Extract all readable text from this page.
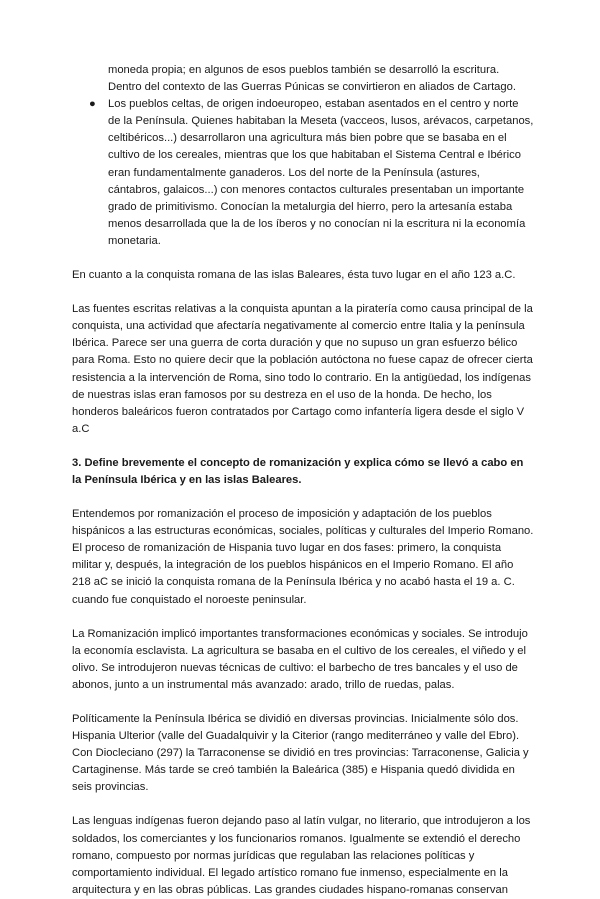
moneda propia; en algunos de esos pueblos también se desarrolló la escritura. Dentro del contexto de las Guerras Púnicas se convirtieron en aliados de Cartago.

● Los pueblos celtas, de origen indoeuropeo, estaban asentados en el centro y norte de la Península. Quienes habitaban la Meseta (vacceos, lusos, arévacos, carpetanos, celtibéricos...) desarrollaron una agricultura más bien pobre que se basaba en el cultivo de los cereales, mientras que los que habitaban el Sistema Central e Ibérico eran fundamentalmente ganaderos. Los del norte de la Península (astures, cántabros, galaicos...) con menores contactos culturales presentaban un importante grado de primitivismo. Conocían la metalurgia del hierro, pero la artesanía estaba menos desarrollada que la de los íberos y no conocían ni la escritura ni la economía monetaria.

En cuanto a la conquista romana de las islas Baleares, ésta tuvo lugar en el año 123 a.C.

Las fuentes escritas relativas a la conquista apuntan a la piratería como causa principal de la conquista, una actividad que afectaría negativamente al comercio entre Italia y la península Ibérica. Parece ser una guerra de corta duración y que no supuso un gran esfuerzo bélico para Roma. Esto no quiere decir que la población autóctona no fuese capaz de ofrecer cierta resistencia a la intervención de Roma, sino todo lo contrario. En la antigüedad, los indígenas de nuestras islas eran famosos por su destreza en el uso de la honda. De hecho, los honderos baleáricos fueron contratados por Cartago como infantería ligera desde el siglo V a.C

3. Define brevemente el concepto de romanización y explica cómo se llevó a cabo en la Península Ibérica y en las islas Baleares.

Entendemos por romanización el proceso de imposición y adaptación de los pueblos hispánicos a las estructuras económicas, sociales, políticas y culturales del Imperio Romano. El proceso de romanización de Hispania tuvo lugar en dos fases: primero, la conquista militar y, después, la integración de los pueblos hispánicos en el Imperio Romano. El año 218 aC se inició la conquista romana de la Península Ibérica y no acabó hasta el 19 a. C. cuando fue conquistado el noroeste peninsular.

La Romanización implicó importantes transformaciones económicas y sociales. Se introdujo la economía esclavista. La agricultura se basaba en el cultivo de los cereales, el viñedo y el olivo. Se introdujeron nuevas técnicas de cultivo: el barbecho de tres bancales y el uso de abonos, junto a un instrumental más avanzado: arado, trillo de ruedas, palas.

Políticamente la Península Ibérica se dividió en diversas provincias. Inicialmente sólo dos. Hispania Ulterior (valle del Guadalquivir y la Citerior (rango mediterráneo y valle del Ebro). Con Diocleciano (297) la Tarraconense se dividió en tres provincias: Tarraconense, Galicia y Cartaginense. Más tarde se creó también la Baleárica (385) e Hispania quedó dividida en seis provincias.

Las lenguas indígenas fueron dejando paso al latín vulgar, no literario, que introdujeron a los soldados, los comerciantes y los funcionarios romanos. Igualmente se extendió el derecho romano, compuesto por normas jurídicas que regulaban las relaciones políticas y comportamiento individual. El legado artístico romano fue inmenso, especialmente en la arquitectura y en las obras públicas. Las grandes ciudades hispano-romanas conservan
